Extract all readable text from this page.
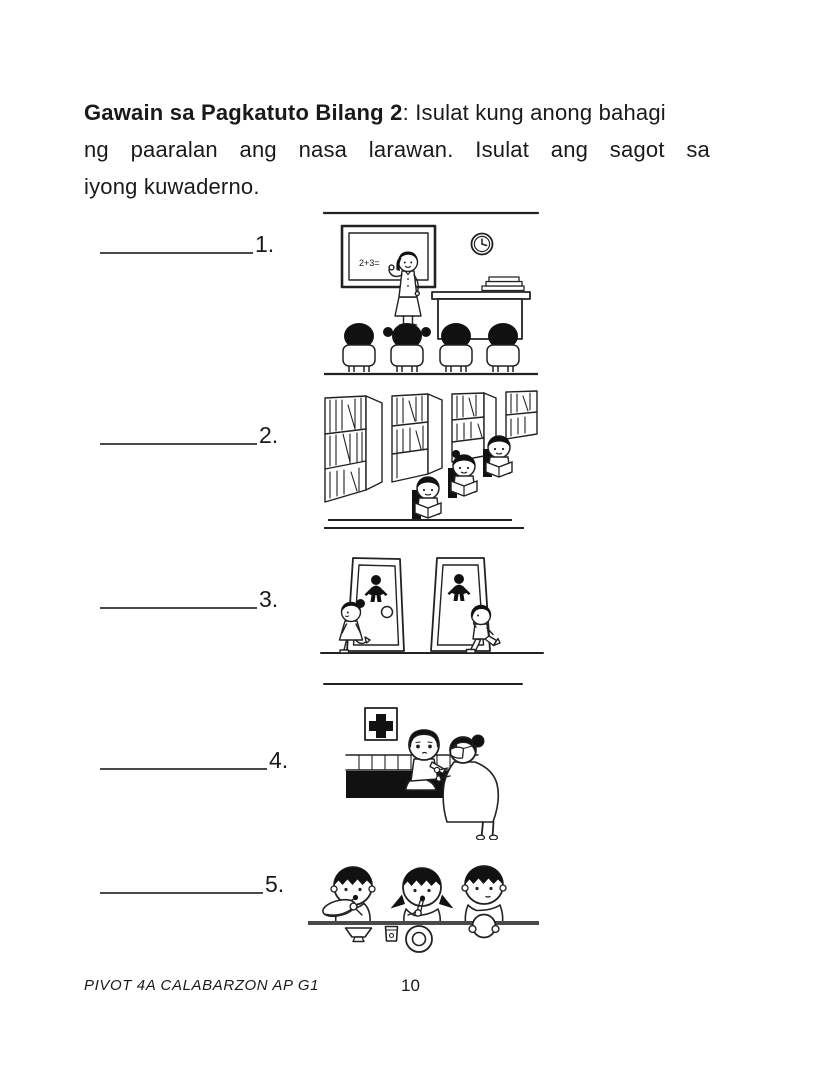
Gawain sa Pagkatuto Bilang 2: Isulat kung anong bahagi
ng paaralan ang nasa larawan. Isulat ang sagot sa
iyong kuwaderno.
1.
2+3=
2.
3.
4.
5.
PIVOT 4A CALABARZON AP G1	10
